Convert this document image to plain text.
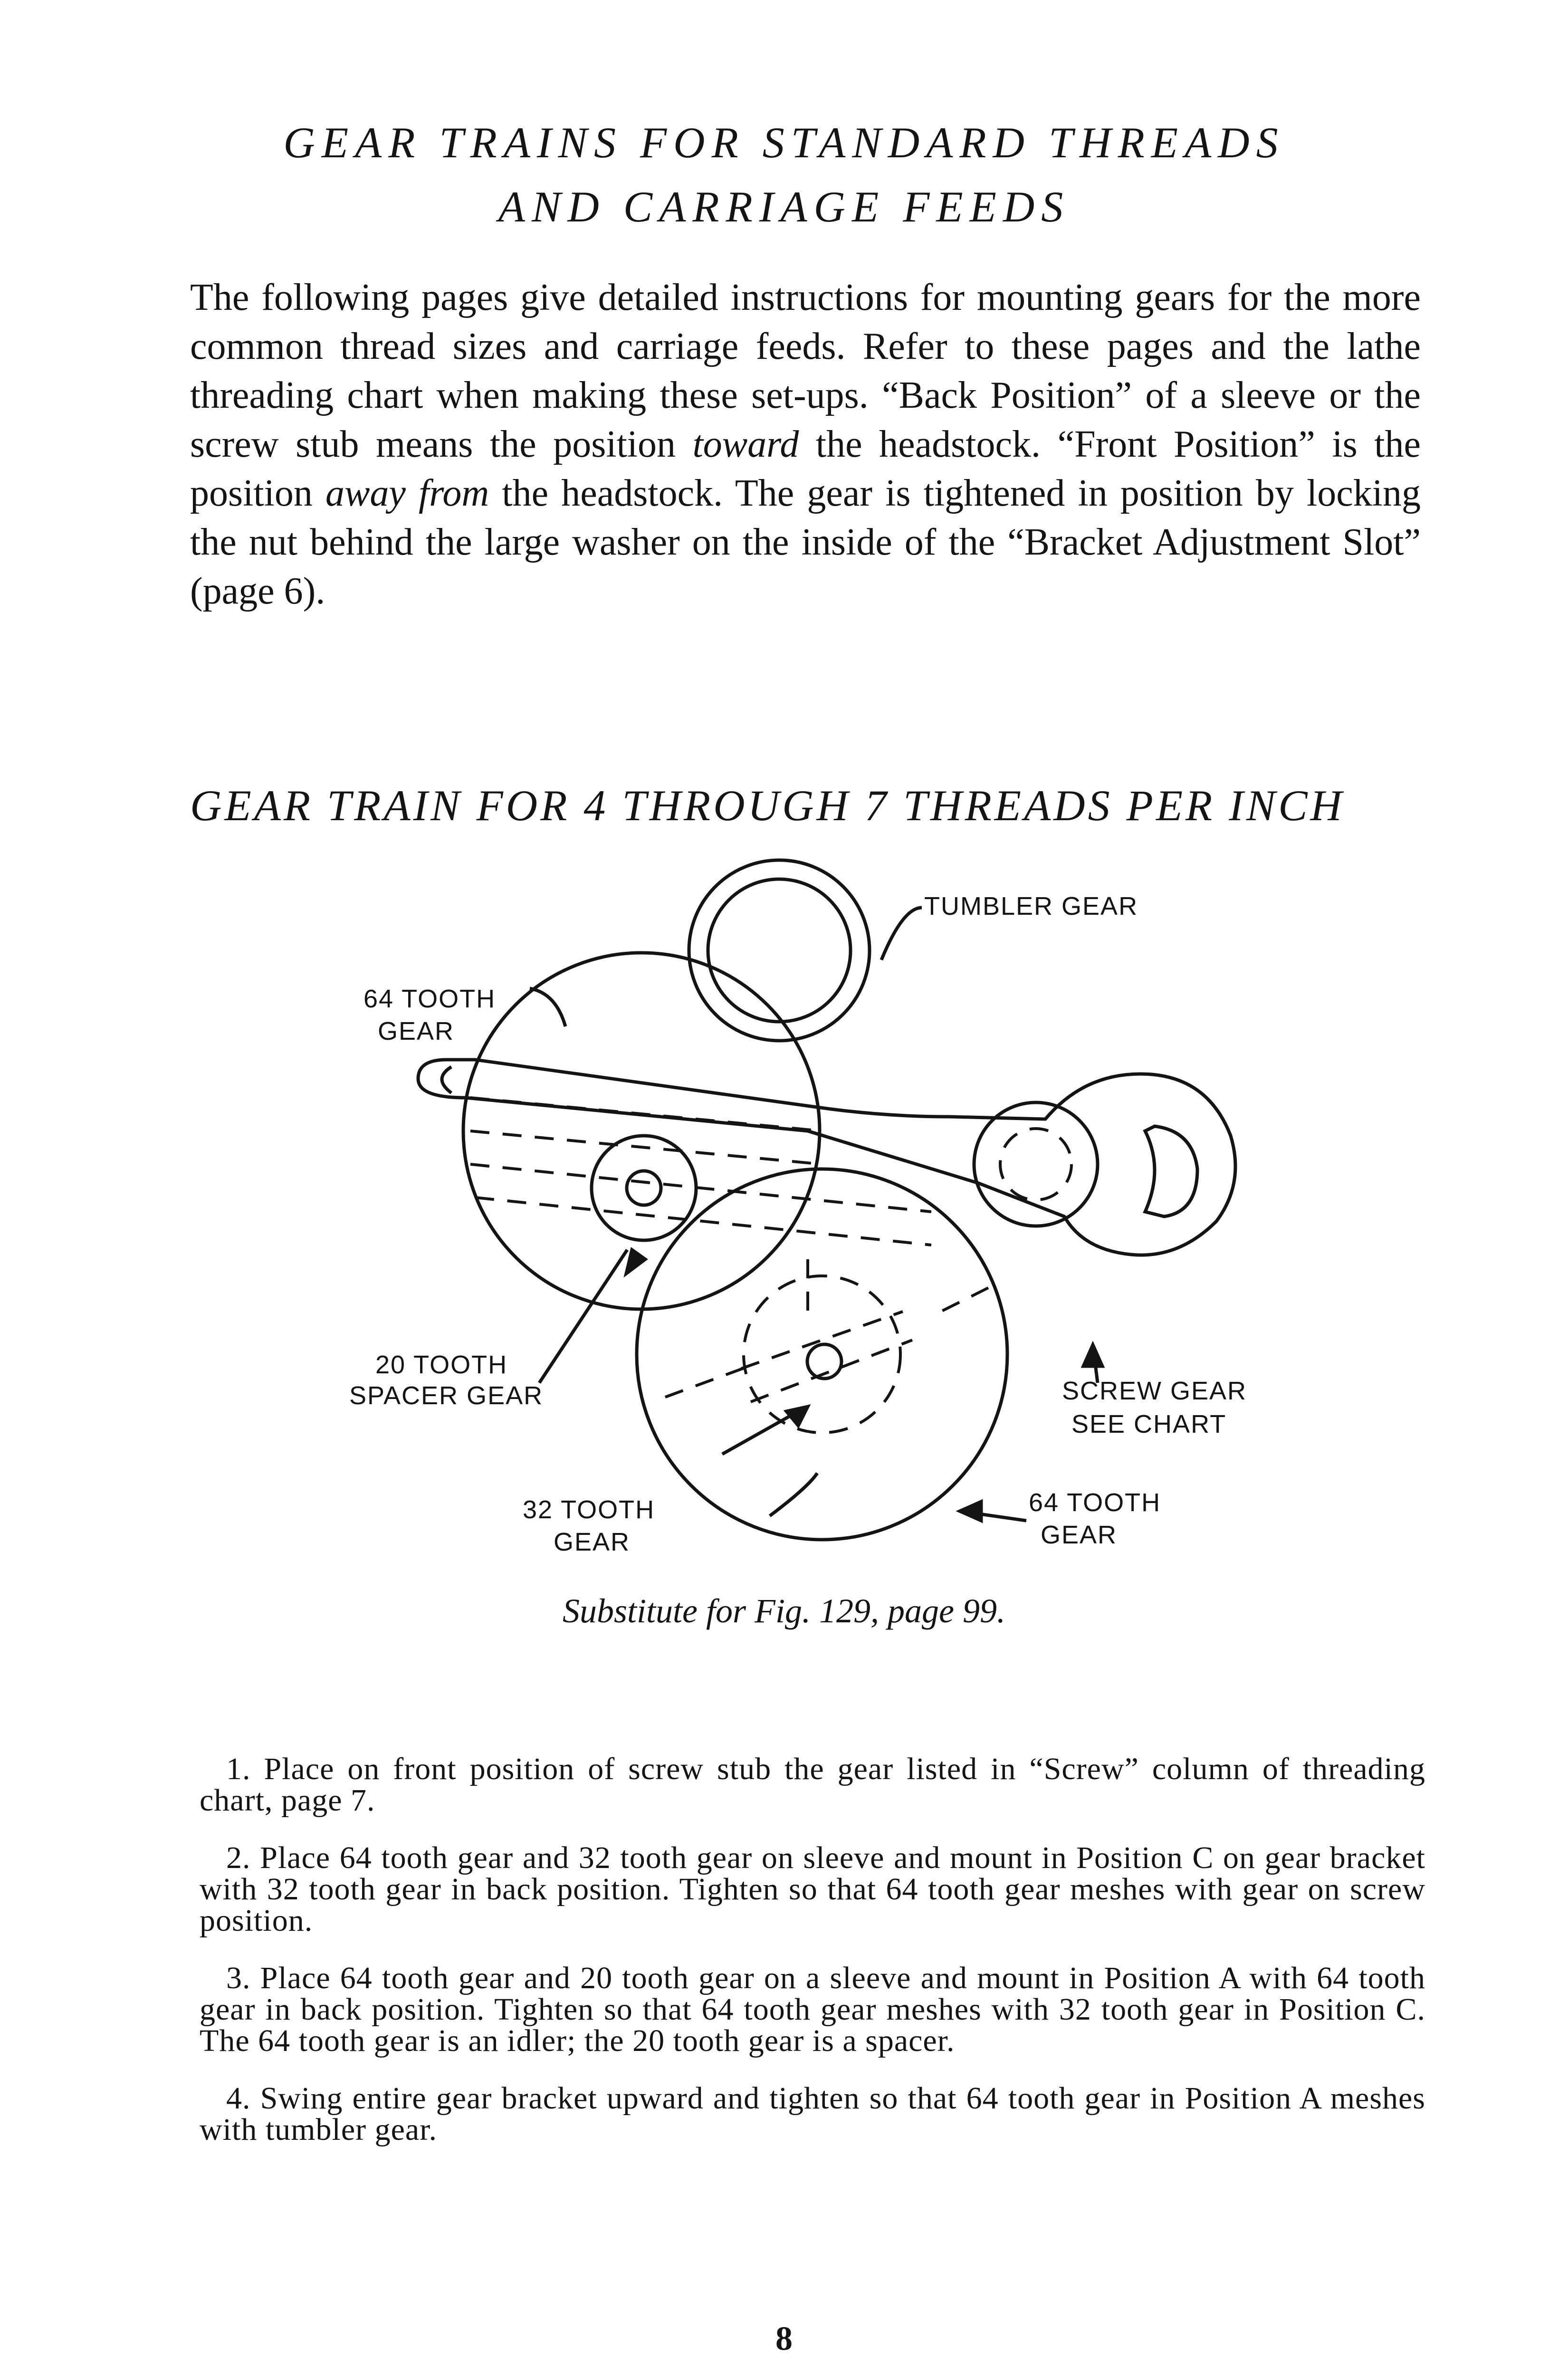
GEAR TRAINS FOR STANDARD THREADS
AND CARRIAGE FEEDS
The following pages give detailed instructions for mounting gears for the more common thread sizes and carriage feeds. Refer to these pages and the lathe threading chart when making these set-ups. “Back Position” of a sleeve or the screw stub means the position toward the headstock. “Front Position” is the position away from the headstock. The gear is tightened in position by locking the nut behind the large washer on the inside of the “Bracket Adjustment Slot” (page 6).
GEAR TRAIN FOR 4 THROUGH 7 THREADS PER INCH
TUMBLER GEAR
64 TOOTH
GEAR
20 TOOTH
SPACER GEAR	SCREW GEAR
SEE CHART
32 TOOTH
GEAR
64 TOOTH
GEAR
Substitute for Fig. 129, page 99.

1. Place on front position of screw stub the gear listed in “Screw” column of threading chart, page 7.

2. Place 64 tooth gear and 32 tooth gear on sleeve and mount in Position C on gear bracket with 32 tooth gear in back position. Tighten so that 64 tooth gear meshes with gear on screw position.

3. Place 64 tooth gear and 20 tooth gear on a sleeve and mount in Position A with 64 tooth gear in back position. Tighten so that 64 tooth gear meshes with 32 tooth gear in Position C. The 64 tooth gear is an idler; the 20 tooth gear is a spacer.

4. Swing entire gear bracket upward and tighten so that 64 tooth gear in Position A meshes with tumbler gear.

8
